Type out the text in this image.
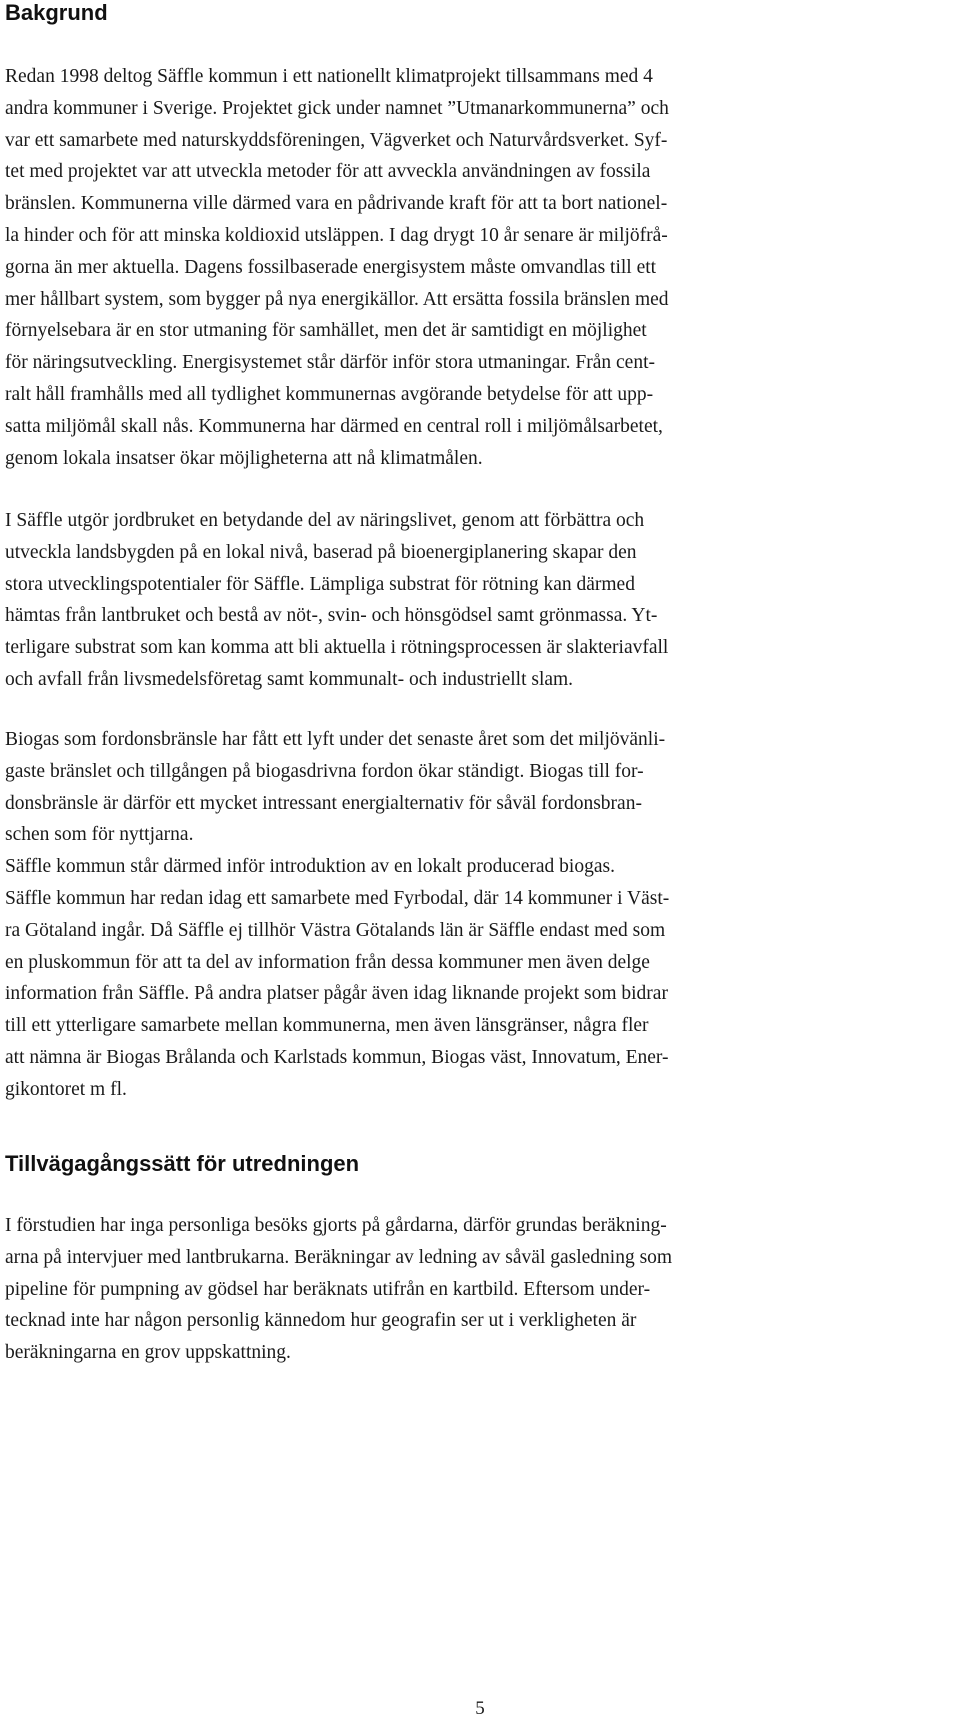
Bakgrund

Redan 1998 deltog Säffle kommun i ett nationellt klimatprojekt tillsammans med 4
andra kommuner i Sverige. Projektet gick under namnet ”Utmanarkommunerna” och
var ett samarbete med naturskyddsföreningen, Vägverket och Naturvårdsverket. Syf-
tet med projektet var att utveckla metoder för att avveckla användningen av fossila
bränslen. Kommunerna ville därmed vara en pådrivande kraft för att ta bort nationel-
la hinder och för att minska koldioxid utsläppen. I dag drygt 10 år senare är miljöfrå-
gorna än mer aktuella. Dagens fossilbaserade energisystem måste omvandlas till ett
mer hållbart system, som bygger på nya energikällor. Att ersätta fossila bränslen med
förnyelsebara är en stor utmaning för samhället, men det är samtidigt en möjlighet
för näringsutveckling. Energisystemet står därför inför stora utmaningar. Från cent-
ralt håll framhålls med all tydlighet kommunernas avgörande betydelse för att upp-
satta miljömål skall nås. Kommunerna har därmed en central roll i miljömålsarbetet,
genom lokala insatser ökar möjligheterna att nå klimatmålen.

I Säffle utgör jordbruket en betydande del av näringslivet, genom att förbättra och
utveckla landsbygden på en lokal nivå, baserad på bioenergiplanering skapar den
stora utvecklingspotentialer för Säffle. Lämpliga substrat för rötning kan därmed
hämtas från lantbruket och bestå av nöt-, svin- och hönsgödsel samt grönmassa. Yt-
terligare substrat som kan komma att bli aktuella i rötningsprocessen är slakteriavfall
och avfall från livsmedelsföretag samt kommunalt- och industriellt slam.

Biogas som fordonsbränsle har fått ett lyft under det senaste året som det miljövänli-
gaste bränslet och tillgången på biogasdrivna fordon ökar ständigt. Biogas till for-
donsbränsle är därför ett mycket intressant energialternativ för såväl fordonsbran-
schen som för nyttjarna.
Säffle kommun står därmed inför introduktion av en lokalt producerad biogas.
Säffle kommun har redan idag ett samarbete med Fyrbodal, där 14 kommuner i Väst-
ra Götaland ingår. Då Säffle ej tillhör Västra Götalands län är Säffle endast med som
en pluskommun för att ta del av information från dessa kommuner men även delge
information från Säffle. På andra platser pågår även idag liknande projekt som bidrar
till ett ytterligare samarbete mellan kommunerna, men även länsgränser, några fler
att nämna är Biogas Brålanda och Karlstads kommun, Biogas väst, Innovatum, Ener-
gikontoret m fl.

Tillvägagångssätt för utredningen

I förstudien har inga personliga besöks gjorts på gårdarna, därför grundas beräkning-
arna på intervjuer med lantbrukarna. Beräkningar av ledning av såväl gasledning som
pipeline för pumpning av gödsel har beräknats utifrån en kartbild. Eftersom under-
tecknad inte har någon personlig kännedom hur geografin ser ut i verkligheten är
beräkningarna en grov uppskattning.

5
